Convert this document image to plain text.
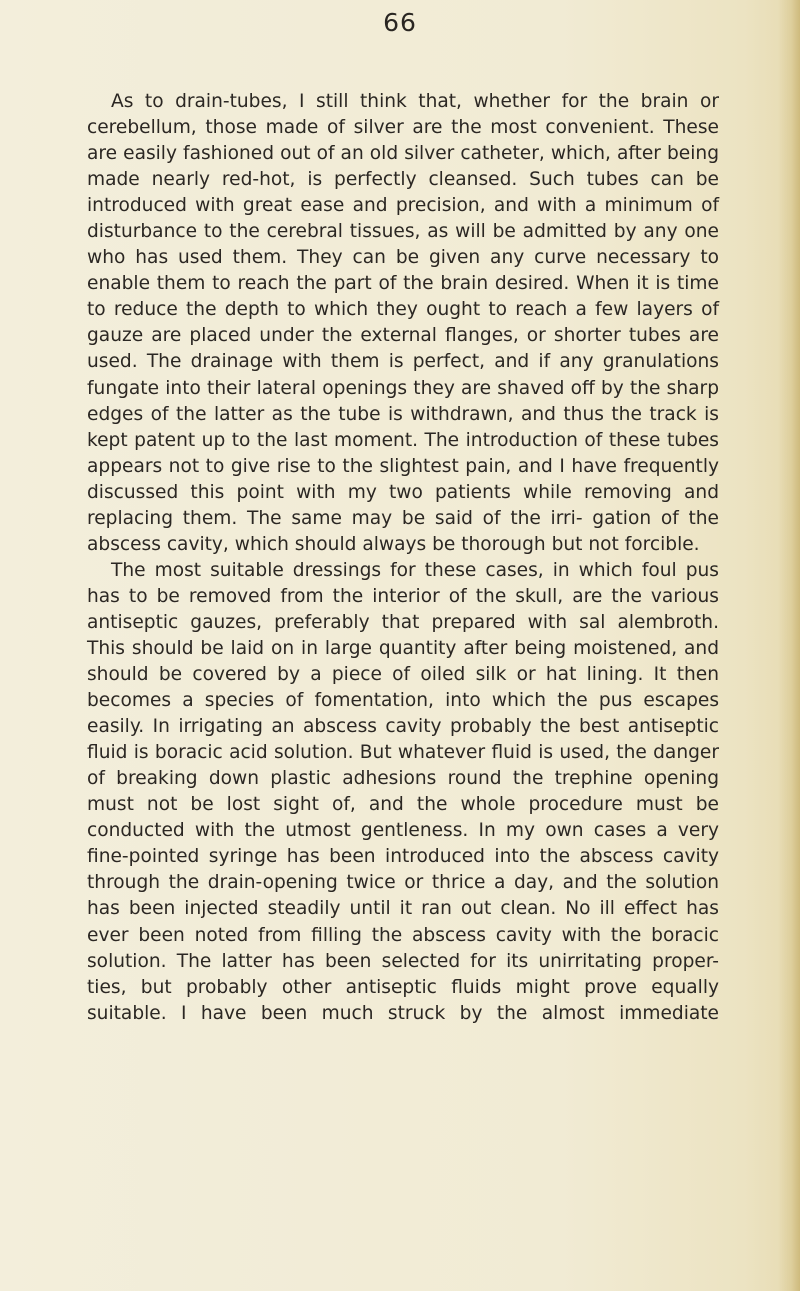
66

As to drain-tubes, I still think that, whether for the brain or cerebellum, those made of silver are the most convenient. These are easily fashioned out of an old silver catheter, which, after being made nearly red-hot, is perfectly cleansed. Such tubes can be introduced with great ease and precision, and with a minimum of disturbance to the cerebral tissues, as will be admitted by any one who has used them. They can be given any curve necessary to enable them to reach the part of the brain desired. When it is time to reduce the depth to which they ought to reach a few layers of gauze are placed under the external flanges, or shorter tubes are used. The drainage with them is perfect, and if any granulations fungate into their lateral openings they are shaved off by the sharp edges of the latter as the tube is withdrawn, and thus the track is kept patent up to the last moment. The introduction of these tubes appears not to give rise to the slightest pain, and I have frequently discussed this point with my two patients while removing and replacing them. The same may be said of the irri- gation of the abscess cavity, which should always be thorough but not forcible.

The most suitable dressings for these cases, in which foul pus has to be removed from the interior of the skull, are the various antiseptic gauzes, preferably that prepared with sal alembroth. This should be laid on in large quantity after being moistened, and should be covered by a piece of oiled silk or hat lining. It then becomes a species of fomentation, into which the pus escapes easily. In irrigating an abscess cavity probably the best antiseptic fluid is boracic acid solution. But whatever fluid is used, the danger of breaking down plastic adhesions round the trephine opening must not be lost sight of, and the whole procedure must be conducted with the utmost gentleness. In my own cases a very fine-pointed syringe has been introduced into the abscess cavity through the drain-opening twice or thrice a day, and the solution has been injected steadily until it ran out clean. No ill effect has ever been noted from filling the abscess cavity with the boracic solution. The latter has been selected for its unirritating proper- ties, but probably other antiseptic fluids might prove equally suitable. I have been much struck by the almost immediate
